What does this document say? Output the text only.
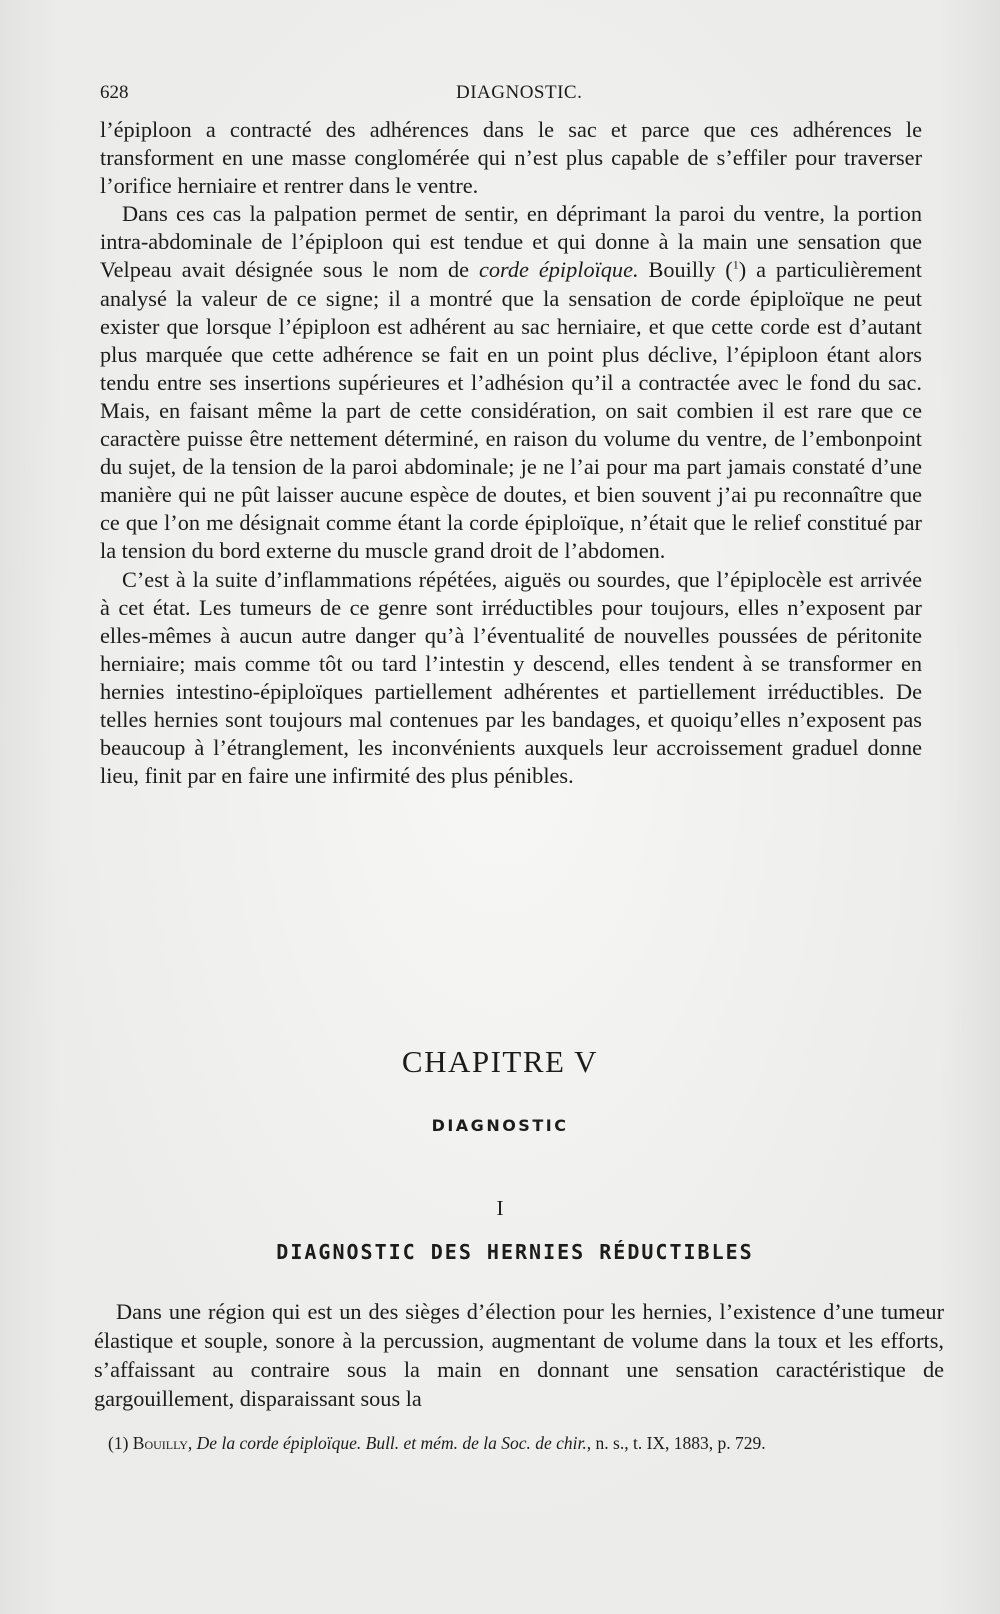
628	DIAGNOSTIC.

l’épiploon a contracté des adhérences dans le sac et parce que ces adhérences le transforment en une masse conglomérée qui n’est plus capable de s’effiler pour traverser l’orifice herniaire et rentrer dans le ventre.

Dans ces cas la palpation permet de sentir, en déprimant la paroi du ventre, la portion intra-abdominale de l’épiploon qui est tendue et qui donne à la main une sensation que Velpeau avait désignée sous le nom de corde épiploïque. Bouilly ($^1$) a particulièrement analysé la valeur de ce signe; il a montré que la sensation de corde épiploïque ne peut exister que lorsque l’épiploon est adhérent au sac herniaire, et que cette corde est d’autant plus marquée que cette adhérence se fait en un point plus déclive, l’épiploon étant alors tendu entre ses insertions supérieures et l’adhésion qu’il a contractée avec le fond du sac. Mais, en faisant même la part de cette considération, on sait combien il est rare que ce caractère puisse être nettement déterminé, en raison du volume du ventre, de l’embonpoint du sujet, de la tension de la paroi abdominale; je ne l’ai pour ma part jamais constaté d’une manière qui ne pût laisser aucune espèce de doutes, et bien souvent j’ai pu reconnaître que ce que l’on me désignait comme étant la corde épiploïque, n’était que le relief constitué par la tension du bord externe du muscle grand droit de l’abdomen.

C’est à la suite d’inflammations répétées, aiguës ou sourdes, que l’épiplocèle est arrivée à cet état. Les tumeurs de ce genre sont irréductibles pour toujours, elles n’exposent par elles-mêmes à aucun autre danger qu’à l’éventualité de nouvelles poussées de péritonite herniaire; mais comme tôt ou tard l’intestin y descend, elles tendent à se transformer en hernies intestino-épiploïques partiellement adhérentes et partiellement irréductibles. De telles hernies sont toujours mal contenues par les bandages, et quoiqu’elles n’exposent pas beaucoup à l’étranglement, les inconvénients auxquels leur accroissement graduel donne lieu, finit par en faire une infirmité des plus pénibles.

CHAPITRE V
DIAGNOSTIC
I
DIAGNOSTIC DES HERNIES RÉDUCTIBLES

Dans une région qui est un des sièges d’élection pour les hernies, l’existence d’une tumeur élastique et souple, sonore à la percussion, augmentant de volume dans la toux et les efforts, s’affaissant au contraire sous la main en donnant une sensation caractéristique de gargouillement, disparaissant sous la

(1) Bouilly, De la corde épiploïque. Bull. et mém. de la Soc. de chir., n. s., t. IX, 1883, p. 729.
